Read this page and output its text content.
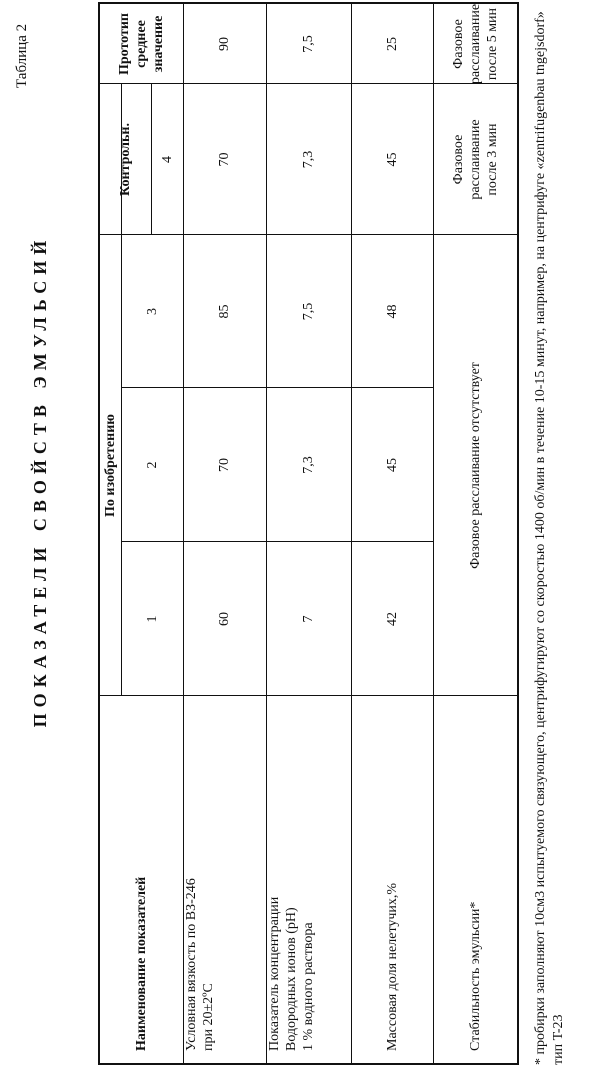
Таблица 2
ПОКАЗАТЕЛИ СВОЙСТВ ЭМУЛЬСИЙ
Наименование показателей
По изобретению
Контрольн.
Прототип среднее значение
1
2
3
4
Условная вязкость по ВЗ-246 при 20±2ºC
60
70
85
70
90
Показатель концентрации Водородных ионов (pH) 1 % водного раствора
7
7,3
7,5
7,3
7,5
Массовая доля нелетучих,%
42
45
48
45
25
Стабильность эмульсии*
Фазовое расслаивание отсутствует
Фазовое расслаивание после 3 мин
Фазовое расслаивание после 5 мин * пробирки заполняют 10см3 испытуемого связующего, центрифугируют со скоростью 1400 об/мин в течение 10-15 минут, например, на центрифуге «zentrifugenbau tngejsdorf» тип T-23
